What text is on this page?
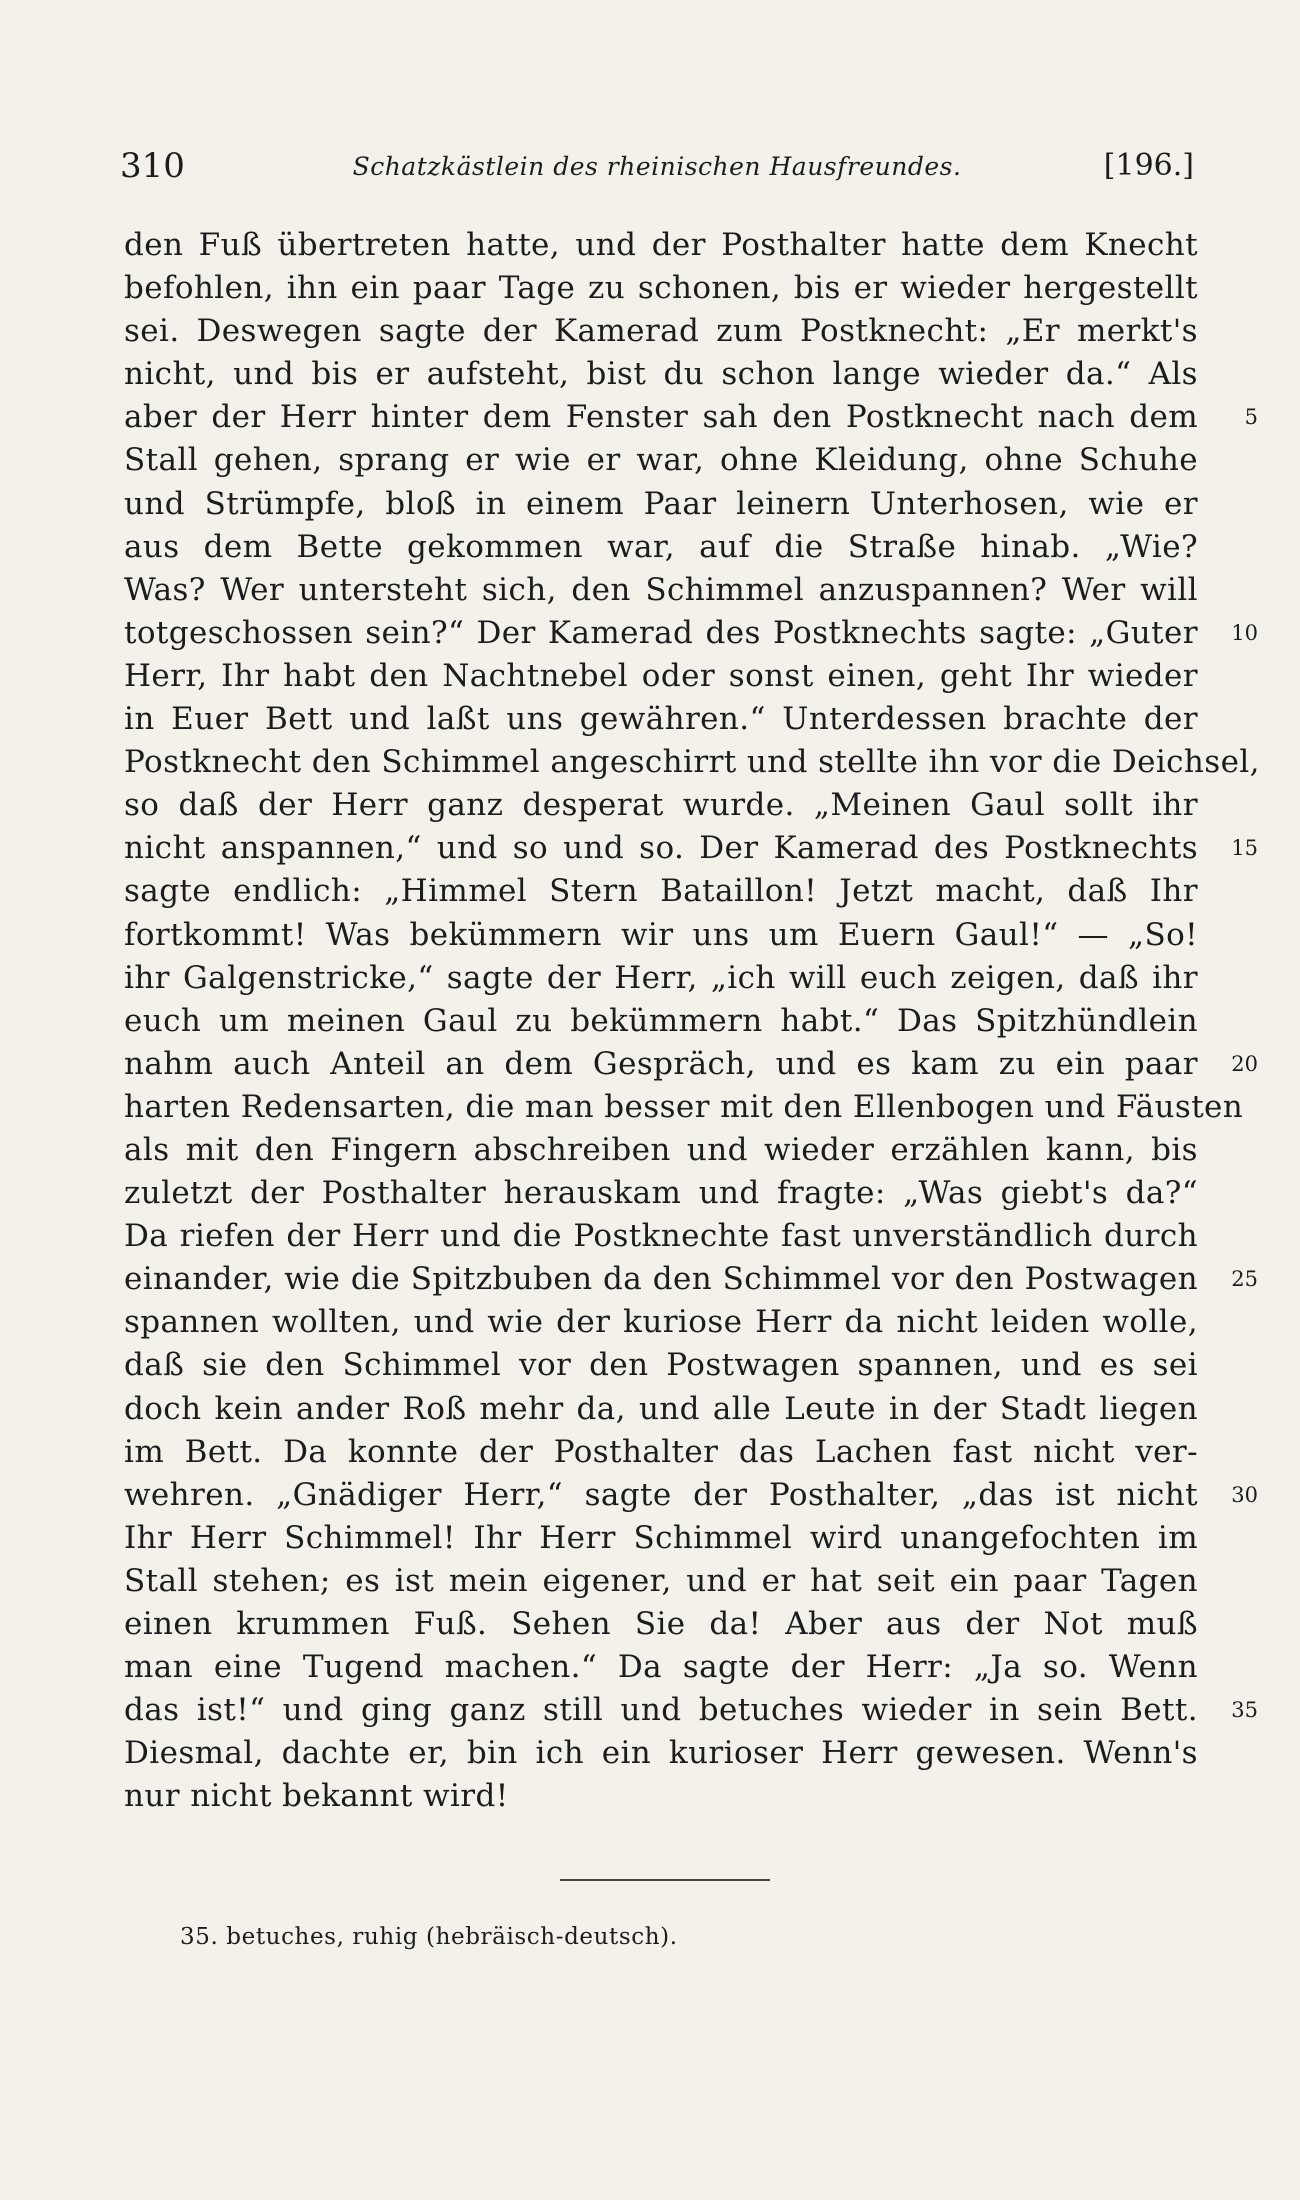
310	Schatzkästlein des rheinischen Hausfreundes.	[196.]
den Fuß übertreten hatte, und der Posthalter hatte dem Knecht
befohlen, ihn ein paar Tage zu schonen, bis er wieder hergestellt
sei. Deswegen sagte der Kamerad zum Postknecht: „Er merkt's
nicht, und bis er aufsteht, bist du schon lange wieder da.“ Als
aber der Herr hinter dem Fenster sah den Postknecht nach dem 5
Stall gehen, sprang er wie er war, ohne Kleidung, ohne Schuhe
und Strümpfe, bloß in einem Paar leinern Unterhosen, wie er
aus dem Bette gekommen war, auf die Straße hinab. „Wie?
Was? Wer untersteht sich, den Schimmel anzuspannen? Wer will
totgeschossen sein?“ Der Kamerad des Postknechts sagte: „Guter 10
Herr, Ihr habt den Nachtnebel oder sonst einen, geht Ihr wieder
in Euer Bett und laßt uns gewähren.“ Unterdessen brachte der
Postknecht den Schimmel angeschirrt und stellte ihn vor die Deichsel,
so daß der Herr ganz desperat wurde. „Meinen Gaul sollt ihr
nicht anspannen,“ und so und so. Der Kamerad des Postknechts 15
sagte endlich: „Himmel Stern Bataillon! Jetzt macht, daß Ihr
fortkommt! Was bekümmern wir uns um Euern Gaul!“ — „So!
ihr Galgenstricke,“ sagte der Herr, „ich will euch zeigen, daß ihr
euch um meinen Gaul zu bekümmern habt.“ Das Spitzhündlein
nahm auch Anteil an dem Gespräch, und es kam zu ein paar 20
harten Redensarten, die man besser mit den Ellenbogen und Fäusten
als mit den Fingern abschreiben und wieder erzählen kann, bis
zuletzt der Posthalter herauskam und fragte: „Was giebt's da?“
Da riefen der Herr und die Postknechte fast unverständlich durch
einander, wie die Spitzbuben da den Schimmel vor den Postwagen 25
spannen wollten, und wie der kuriose Herr da nicht leiden wolle,
daß sie den Schimmel vor den Postwagen spannen, und es sei
doch kein ander Roß mehr da, und alle Leute in der Stadt liegen
im Bett. Da konnte der Posthalter das Lachen fast nicht ver-
wehren. „Gnädiger Herr,“ sagte der Posthalter, „das ist nicht 30
Ihr Herr Schimmel! Ihr Herr Schimmel wird unangefochten im
Stall stehen; es ist mein eigener, und er hat seit ein paar Tagen
einen krummen Fuß. Sehen Sie da! Aber aus der Not muß
man eine Tugend machen.“ Da sagte der Herr: „Ja so. Wenn
das ist!“ und ging ganz still und betuches wieder in sein Bett. 35
Diesmal, dachte er, bin ich ein kurioser Herr gewesen. Wenn's
nur nicht bekannt wird!
35. betuches, ruhig (hebräisch-deutsch).
